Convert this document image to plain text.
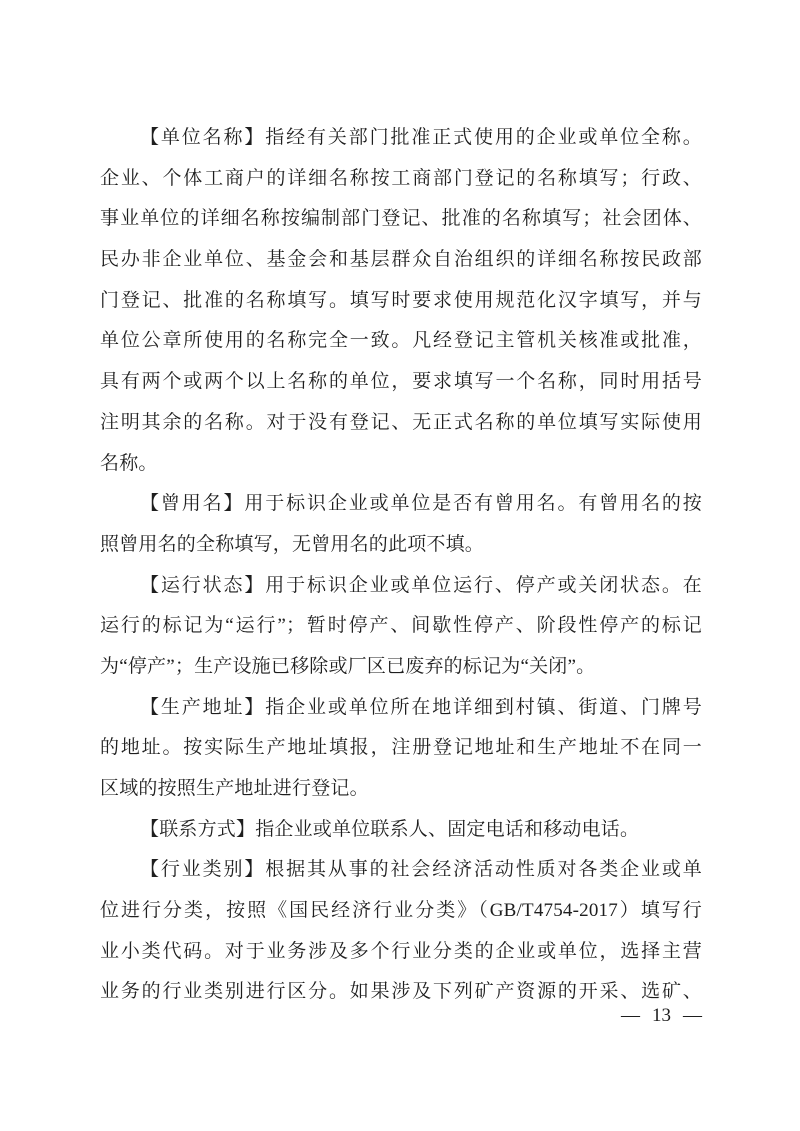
【单位名称】指经有关部门批准正式使用的企业或单位全称。
企业、个体工商户的详细名称按工商部门登记的名称填写；行政、
事业单位的详细名称按编制部门登记、批准的名称填写；社会团体、
民办非企业单位、基金会和基层群众自治组织的详细名称按民政部
门登记、批准的名称填写。填写时要求使用规范化汉字填写，并与
单位公章所使用的名称完全一致。凡经登记主管机关核准或批准，
具有两个或两个以上名称的单位，要求填写一个名称，同时用括号
注明其余的名称。对于没有登记、无正式名称的单位填写实际使用
名称。
【曾用名】用于标识企业或单位是否有曾用名。有曾用名的按
照曾用名的全称填写，无曾用名的此项不填。
【运行状态】用于标识企业或单位运行、停产或关闭状态。在
运行的标记为“运行”；暂时停产、间歇性停产、阶段性停产的标记
为“停产”；生产设施已移除或厂区已废弃的标记为“关闭”。
【生产地址】指企业或单位所在地详细到村镇、街道、门牌号
的地址。按实际生产地址填报，注册登记地址和生产地址不在同一
区域的按照生产地址进行登记。
【联系方式】指企业或单位联系人、固定电话和移动电话。
【行业类别】根据其从事的社会经济活动性质对各类企业或单
位进行分类，按照《国民经济行业分类》（GB/T4754-2017）填写行
业小类代码。对于业务涉及多个行业分类的企业或单位，选择主营
业务的行业类别进行区分。如果涉及下列矿产资源的开采、选矿、
— 13 —
